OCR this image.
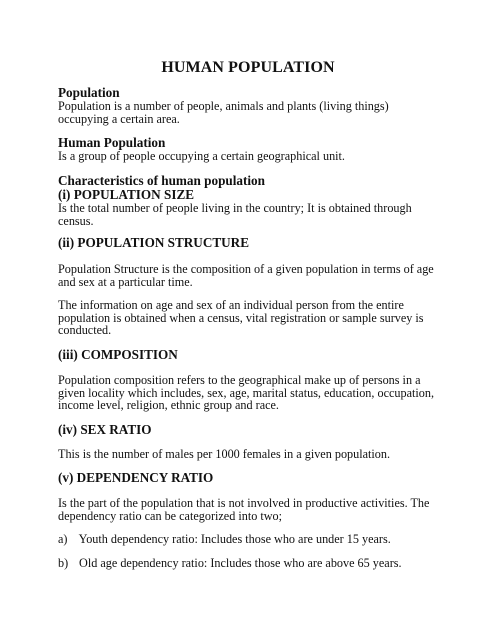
HUMAN POPULATION
Population
Population is a number of people, animals and plants (living things) occupying a certain area.
Human Population
Is a group of people occupying a certain geographical unit.
Characteristics of human population
(i) POPULATION SIZE
Is the total number of people living in the country; It is obtained through census.
(ii) POPULATION STRUCTURE
Population Structure is the composition of a given population in terms of age and sex at a particular time.
The information on age and sex of an individual person from the entire population is obtained when a census, vital registration or sample survey is conducted.
(iii) COMPOSITION
Population composition refers to the geographical make up of persons in a given locality which includes, sex, age, marital status, education, occupation, income level, religion, ethnic group and race.
(iv) SEX RATIO
This is the number of males per 1000 females in a given population.
(v) DEPENDENCY RATIO
Is the part of the population that is not involved in productive activities. The dependency ratio can be categorized into two;
a) Youth dependency ratio: Includes those who are under 15 years.
b) Old age dependency ratio: Includes those who are above 65 years.
